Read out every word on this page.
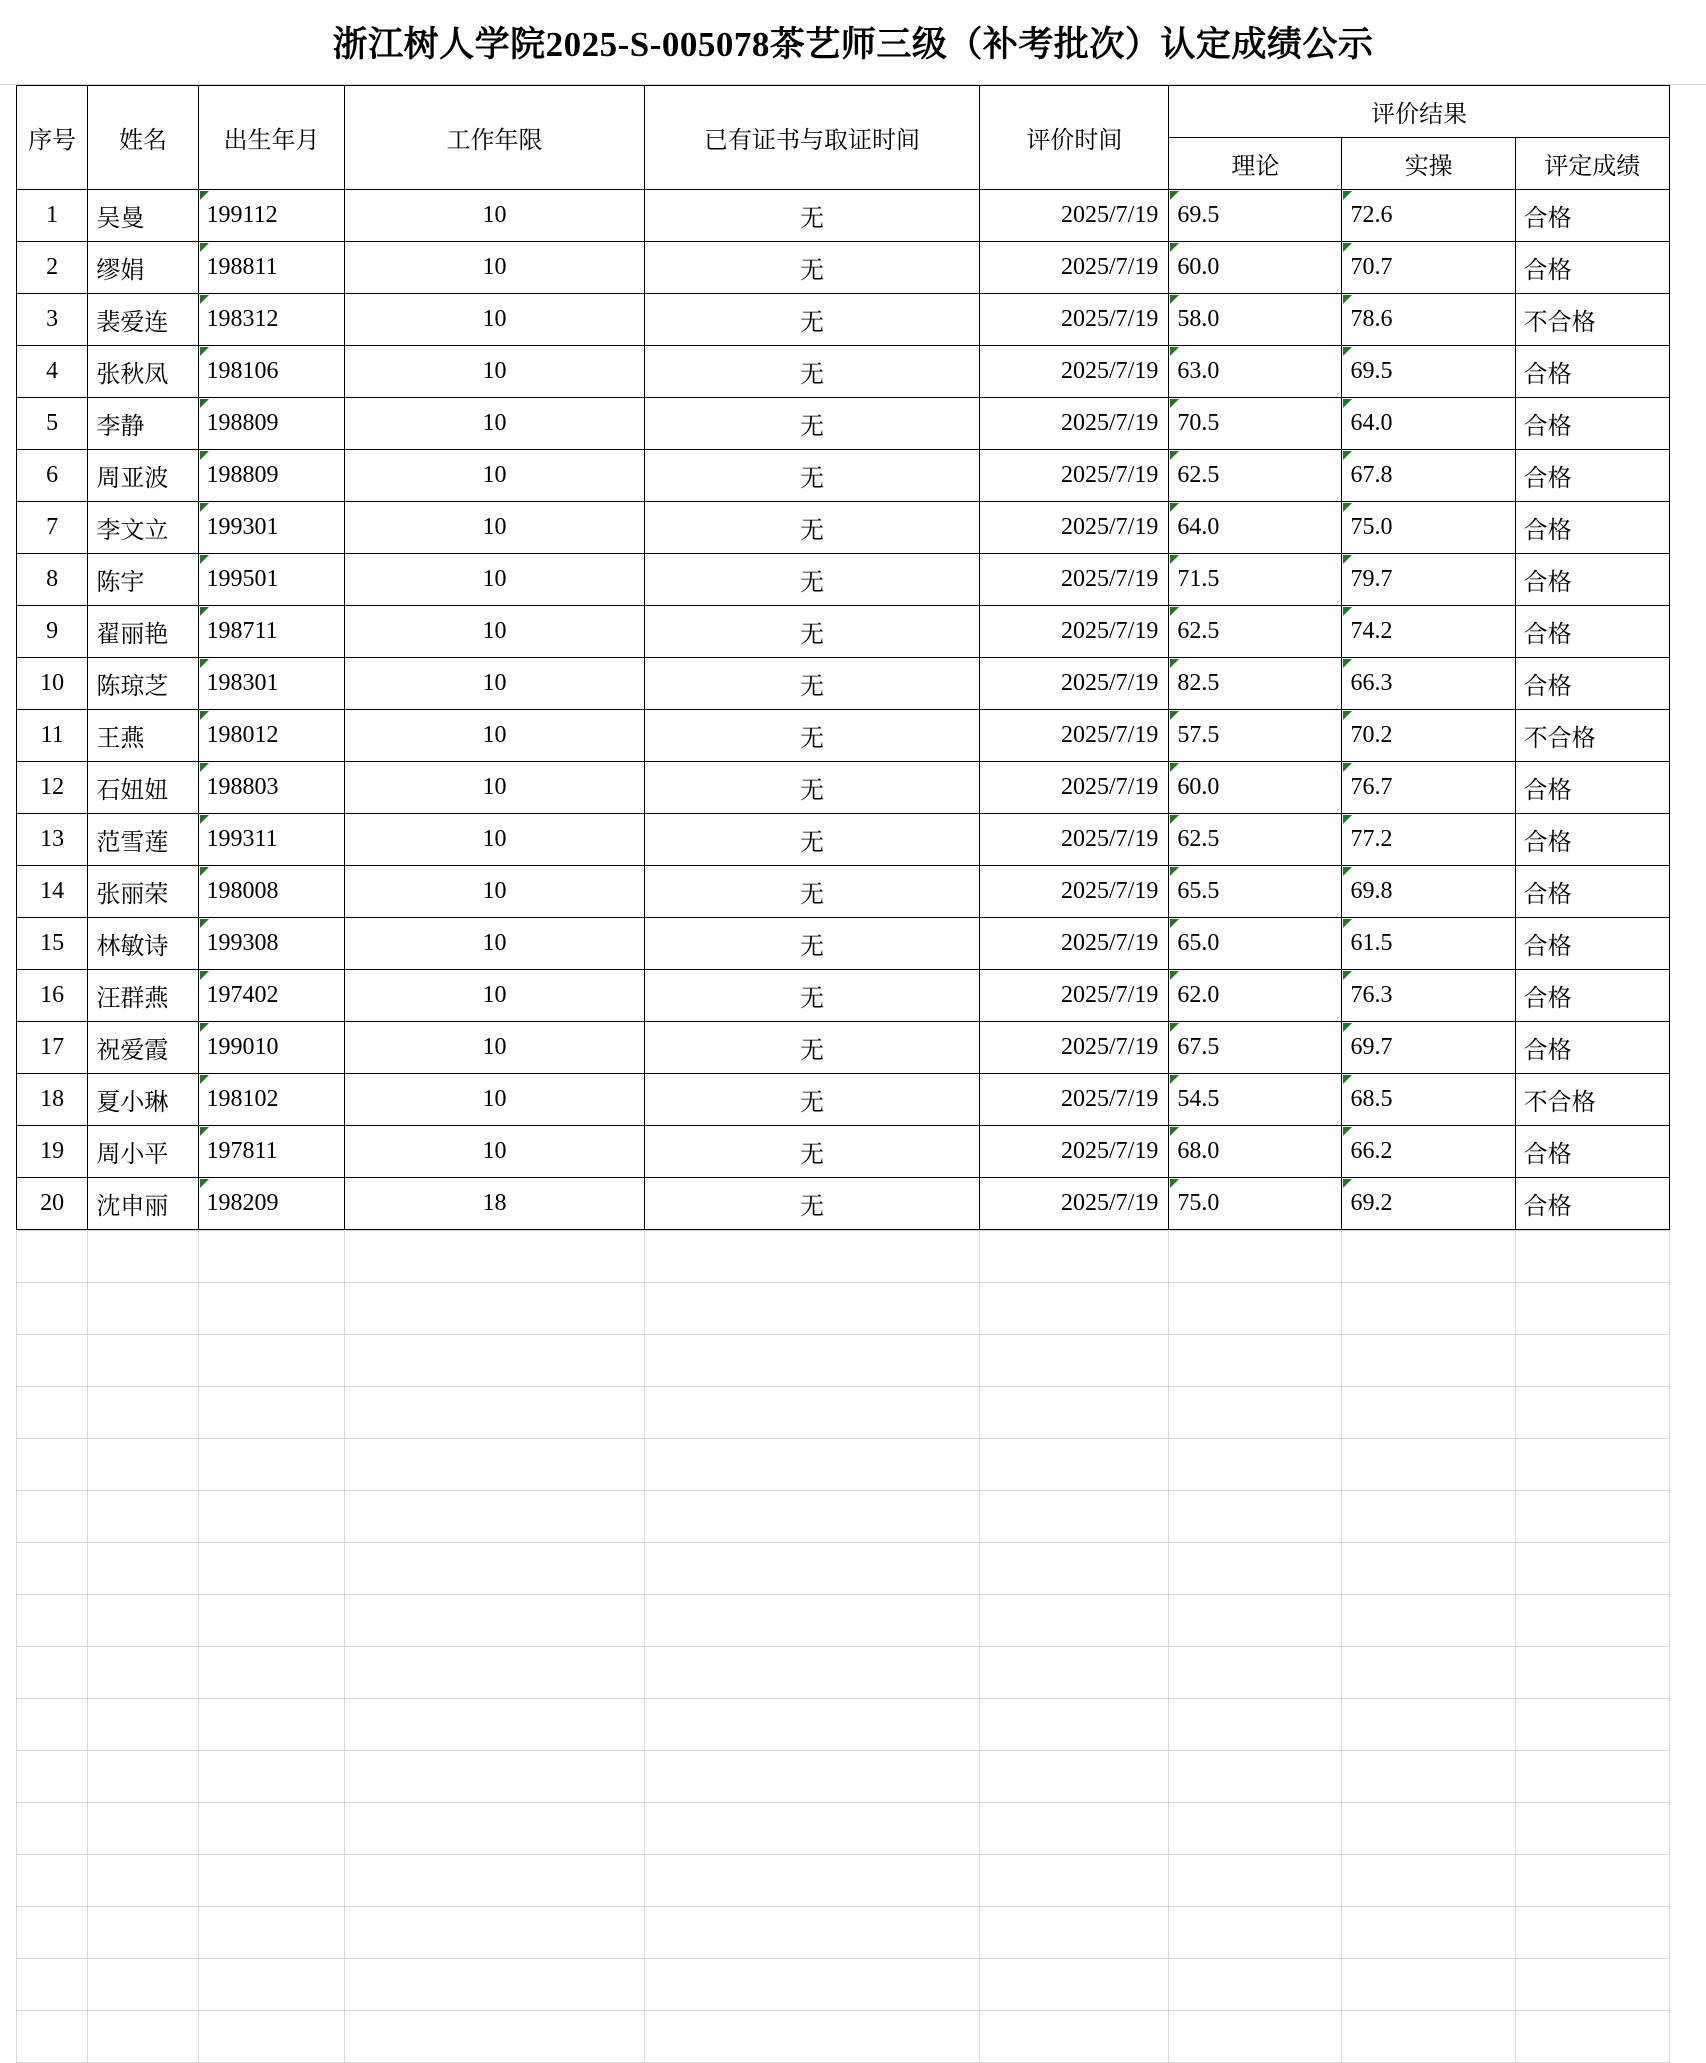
浙江树人学院2025-S-005078茶艺师三级（补考批次）认定成绩公示
序号	姓名	出生年月	工作年限	已有证书与取证时间	评价时间	评价结果		
						理论	实操	评定成绩
1	吴曼	199112	10	无	2025/7/19	69.5	72.6	合格
2	缪娟	198811	10	无	2025/7/19	60.0	70.7	合格
3	裴爱连	198312	10	无	2025/7/19	58.0	78.6	不合格
4	张秋凤	198106	10	无	2025/7/19	63.0	69.5	合格
5	李静	198809	10	无	2025/7/19	70.5	64.0	合格
6	周亚波	198809	10	无	2025/7/19	62.5	67.8	合格
7	李文立	199301	10	无	2025/7/19	64.0	75.0	合格
8	陈宇	199501	10	无	2025/7/19	71.5	79.7	合格
9	翟丽艳	198711	10	无	2025/7/19	62.5	74.2	合格
10	陈琼芝	198301	10	无	2025/7/19	82.5	66.3	合格
11	王燕	198012	10	无	2025/7/19	57.5	70.2	不合格
12	石妞妞	198803	10	无	2025/7/19	60.0	76.7	合格
13	范雪莲	199311	10	无	2025/7/19	62.5	77.2	合格
14	张丽荣	198008	10	无	2025/7/19	65.5	69.8	合格
15	林敏诗	199308	10	无	2025/7/19	65.0	61.5	合格
16	汪群燕	197402	10	无	2025/7/19	62.0	76.3	合格
17	祝爱霞	199010	10	无	2025/7/19	67.5	69.7	合格
18	夏小琳	198102	10	无	2025/7/19	54.5	68.5	不合格
19	周小平	197811	10	无	2025/7/19	68.0	66.2	合格
20	沈申丽	198209	18	无	2025/7/19	75.0	69.2	合格
